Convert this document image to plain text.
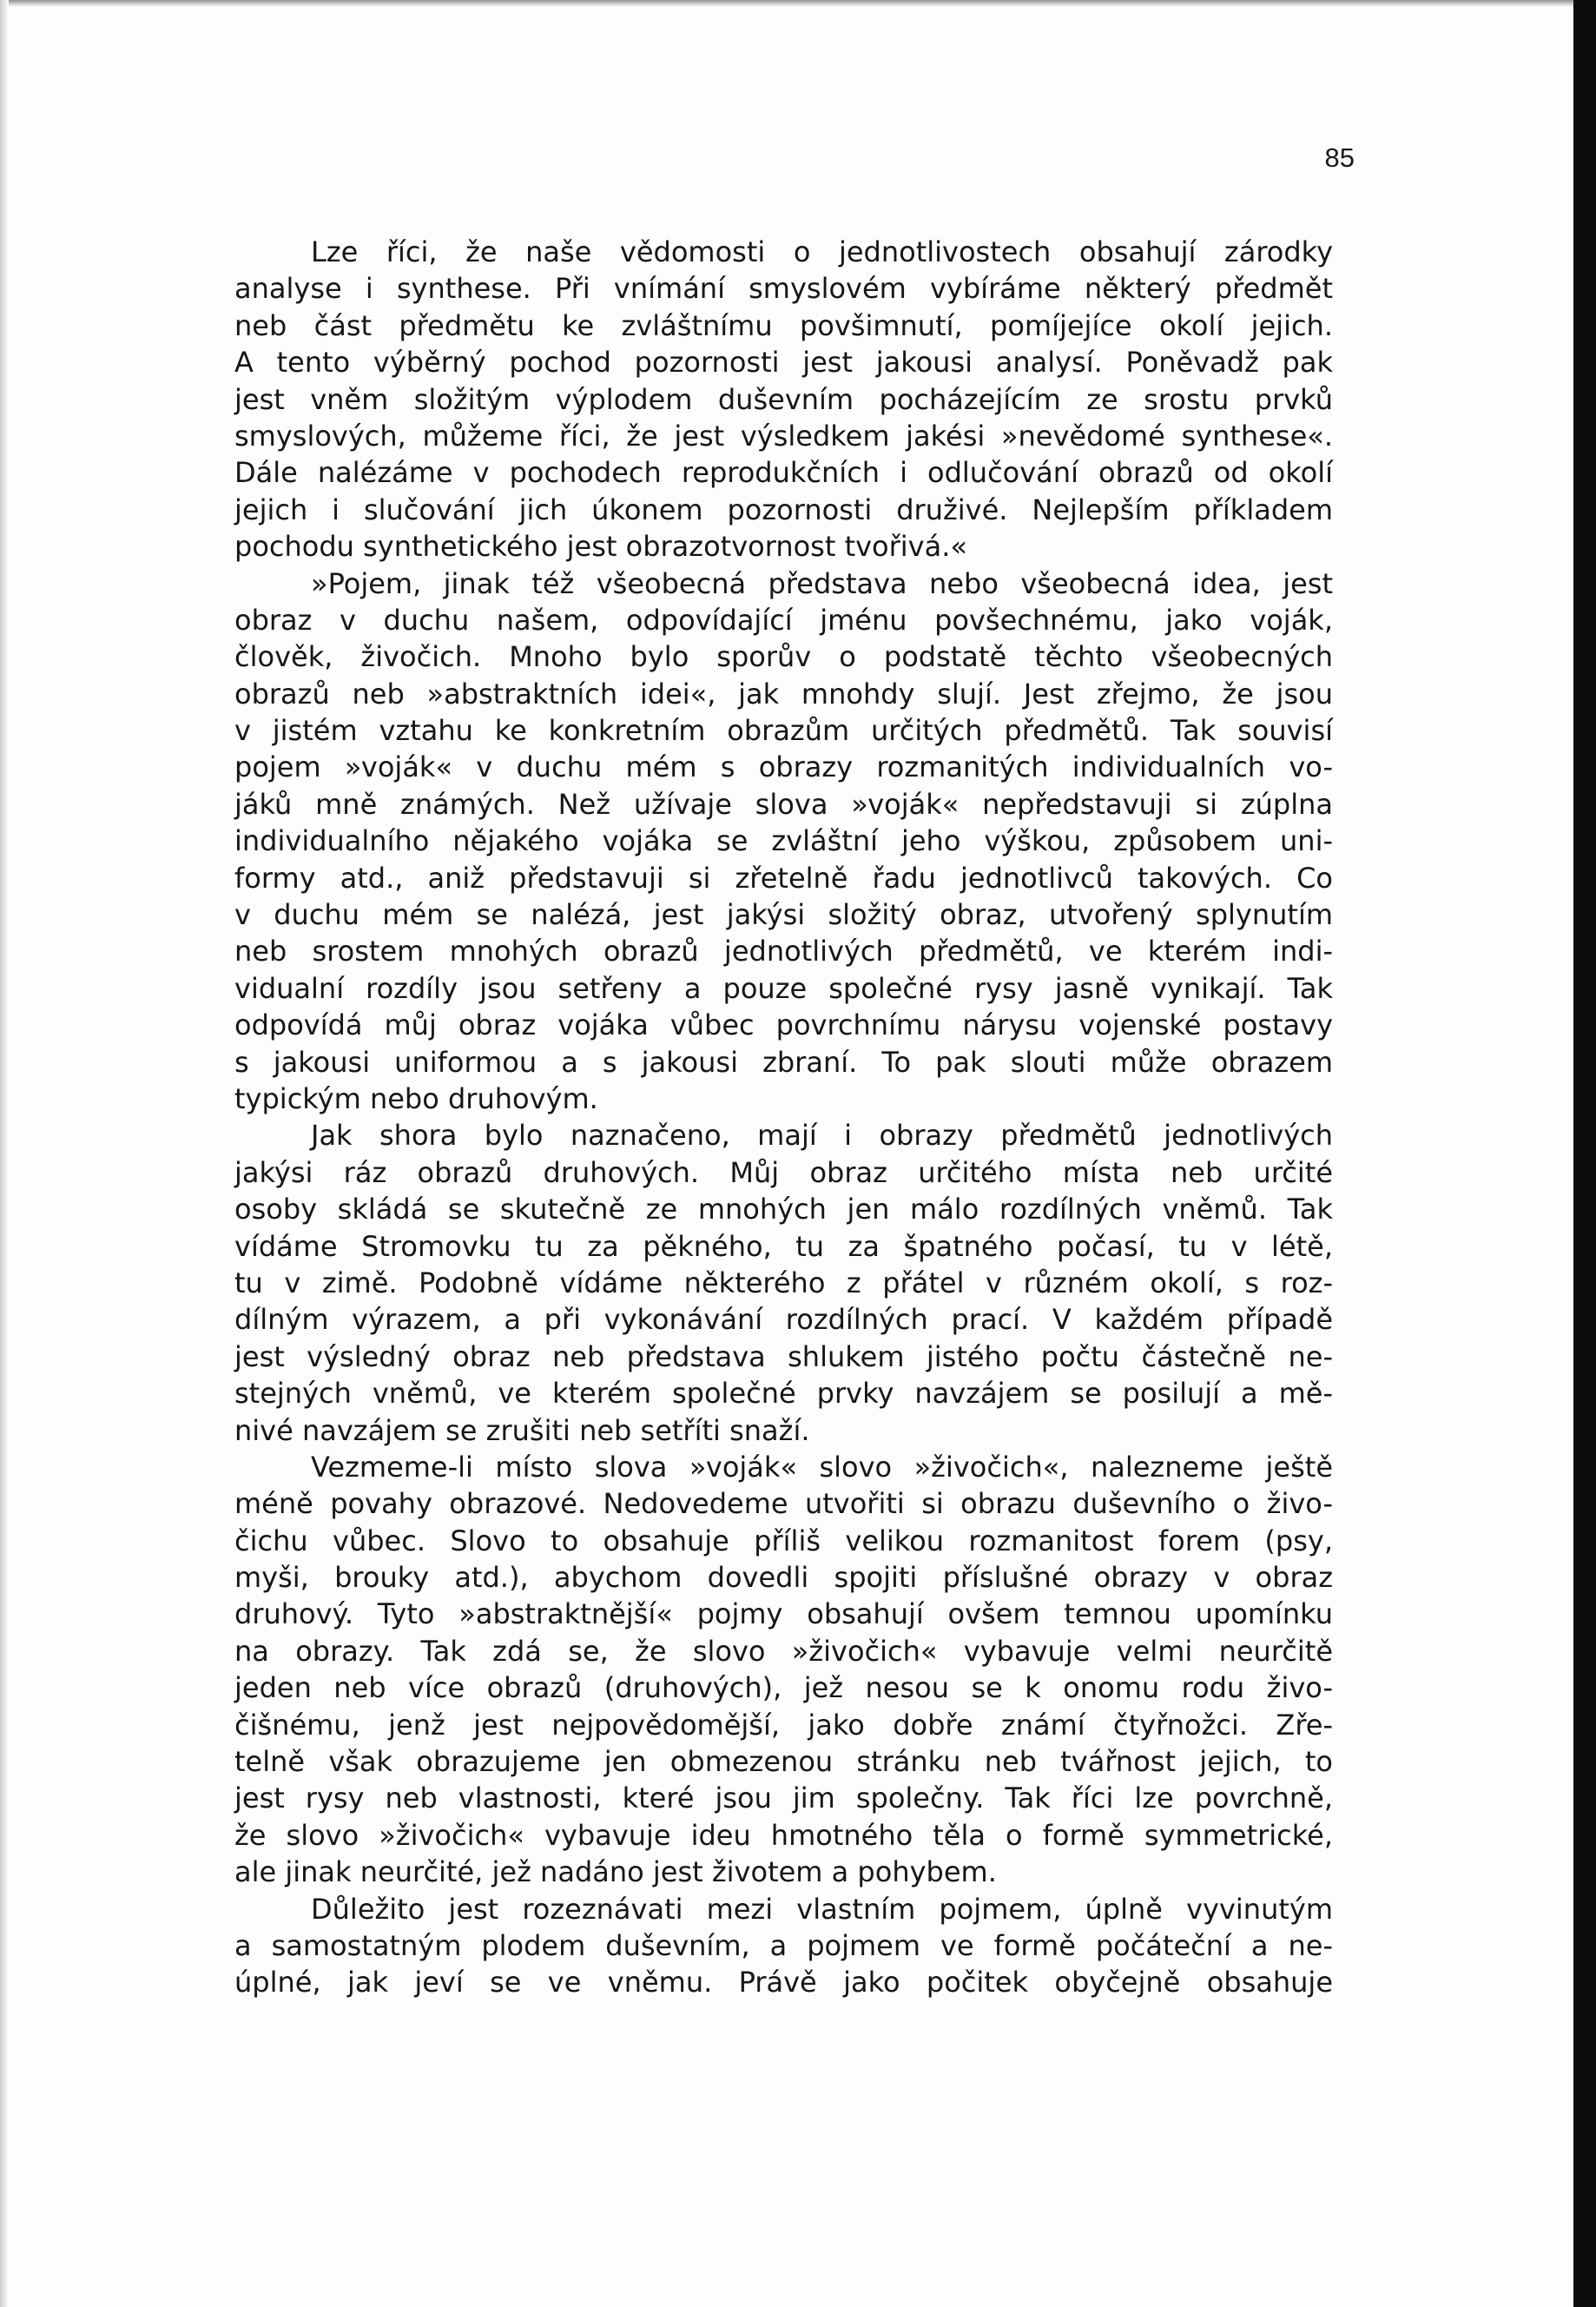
85
Lze říci, že naše vědomosti o jednotlivostech obsahují zárodky
analyse i synthese. Při vnímání smyslovém vybíráme některý předmět
neb část předmětu ke zvláštnímu povšimnutí, pomíjejíce okolí jejich.
A tento výběrný pochod pozornosti jest jakousi analysí. Poněvadž pak
jest vněm složitým výplodem duševním pocházejícím ze srostu prvků
smyslových, můžeme říci, že jest výsledkem jakési »nevědomé synthese«.
Dále nalézáme v pochodech reprodukčních i odlučování obrazů od okolí
jejich i slučování jich úkonem pozornosti druživé. Nejlepším příkladem
pochodu synthetického jest obrazotvornost tvořivá.«
»Pojem, jinak též všeobecná představa nebo všeobecná idea, jest
obraz v duchu našem, odpovídající jménu povšechnému, jako voják,
člověk, živočich. Mnoho bylo sporův o podstatě těchto všeobecných
obrazů neb »abstraktních idei«, jak mnohdy slují. Jest zřejmo, že jsou
v jistém vztahu ke konkretním obrazům určitých předmětů. Tak souvisí
pojem »voják« v duchu mém s obrazy rozmanitých individualních vo-
jáků mně známých. Než užívaje slova »voják« nepředstavuji si zúplna
individualního nějakého vojáka se zvláštní jeho výškou, způsobem uni-
formy atd., aniž představuji si zřetelně řadu jednotlivců takových. Co
v duchu mém se nalézá, jest jakýsi složitý obraz, utvořený splynutím
neb srostem mnohých obrazů jednotlivých předmětů, ve kterém indi-
vidualní rozdíly jsou setřeny a pouze společné rysy jasně vynikají. Tak
odpovídá můj obraz vojáka vůbec povrchnímu nárysu vojenské postavy
s jakousi uniformou a s jakousi zbraní. To pak slouti může obrazem
typickým nebo druhovým.
Jak shora bylo naznačeno, mají i obrazy předmětů jednotlivých
jakýsi ráz obrazů druhových. Můj obraz určitého místa neb určité
osoby skládá se skutečně ze mnohých jen málo rozdílných vněmů. Tak
vídáme Stromovku tu za pěkného, tu za špatného počasí, tu v létě,
tu v zimě. Podobně vídáme některého z přátel v různém okolí, s roz-
dílným výrazem, a při vykonávání rozdílných prací. V každém případě
jest výsledný obraz neb představa shlukem jistého počtu částečně ne-
stejných vněmů, ve kterém společné prvky navzájem se posilují a mě-
nivé navzájem se zrušiti neb setříti snaží.
Vezmeme-li místo slova »voják« slovo »živočich«, nalezneme ještě
méně povahy obrazové. Nedovedeme utvořiti si obrazu duševního o živo-
čichu vůbec. Slovo to obsahuje příliš velikou rozmanitost forem (psy,
myši, brouky atd.), abychom dovedli spojiti příslušné obrazy v obraz
druhový. Tyto »abstraktnější« pojmy obsahují ovšem temnou upomínku
na obrazy. Tak zdá se, že slovo »živočich« vybavuje velmi neurčitě
jeden neb více obrazů (druhových), jež nesou se k onomu rodu živo-
čišnému, jenž jest nejpovědomější, jako dobře známí čtyřnožci. Zře-
telně však obrazujeme jen obmezenou stránku neb tvářnost jejich, to
jest rysy neb vlastnosti, které jsou jim společny. Tak říci lze povrchně,
že slovo »živočich« vybavuje ideu hmotného těla o formě symmetrické,
ale jinak neurčité, jež nadáno jest životem a pohybem.
Důležito jest rozeznávati mezi vlastním pojmem, úplně vyvinutým
a samostatným plodem duševním, a pojmem ve formě počáteční a ne-
úplné, jak jeví se ve vněmu. Právě jako počitek obyčejně obsahuje
